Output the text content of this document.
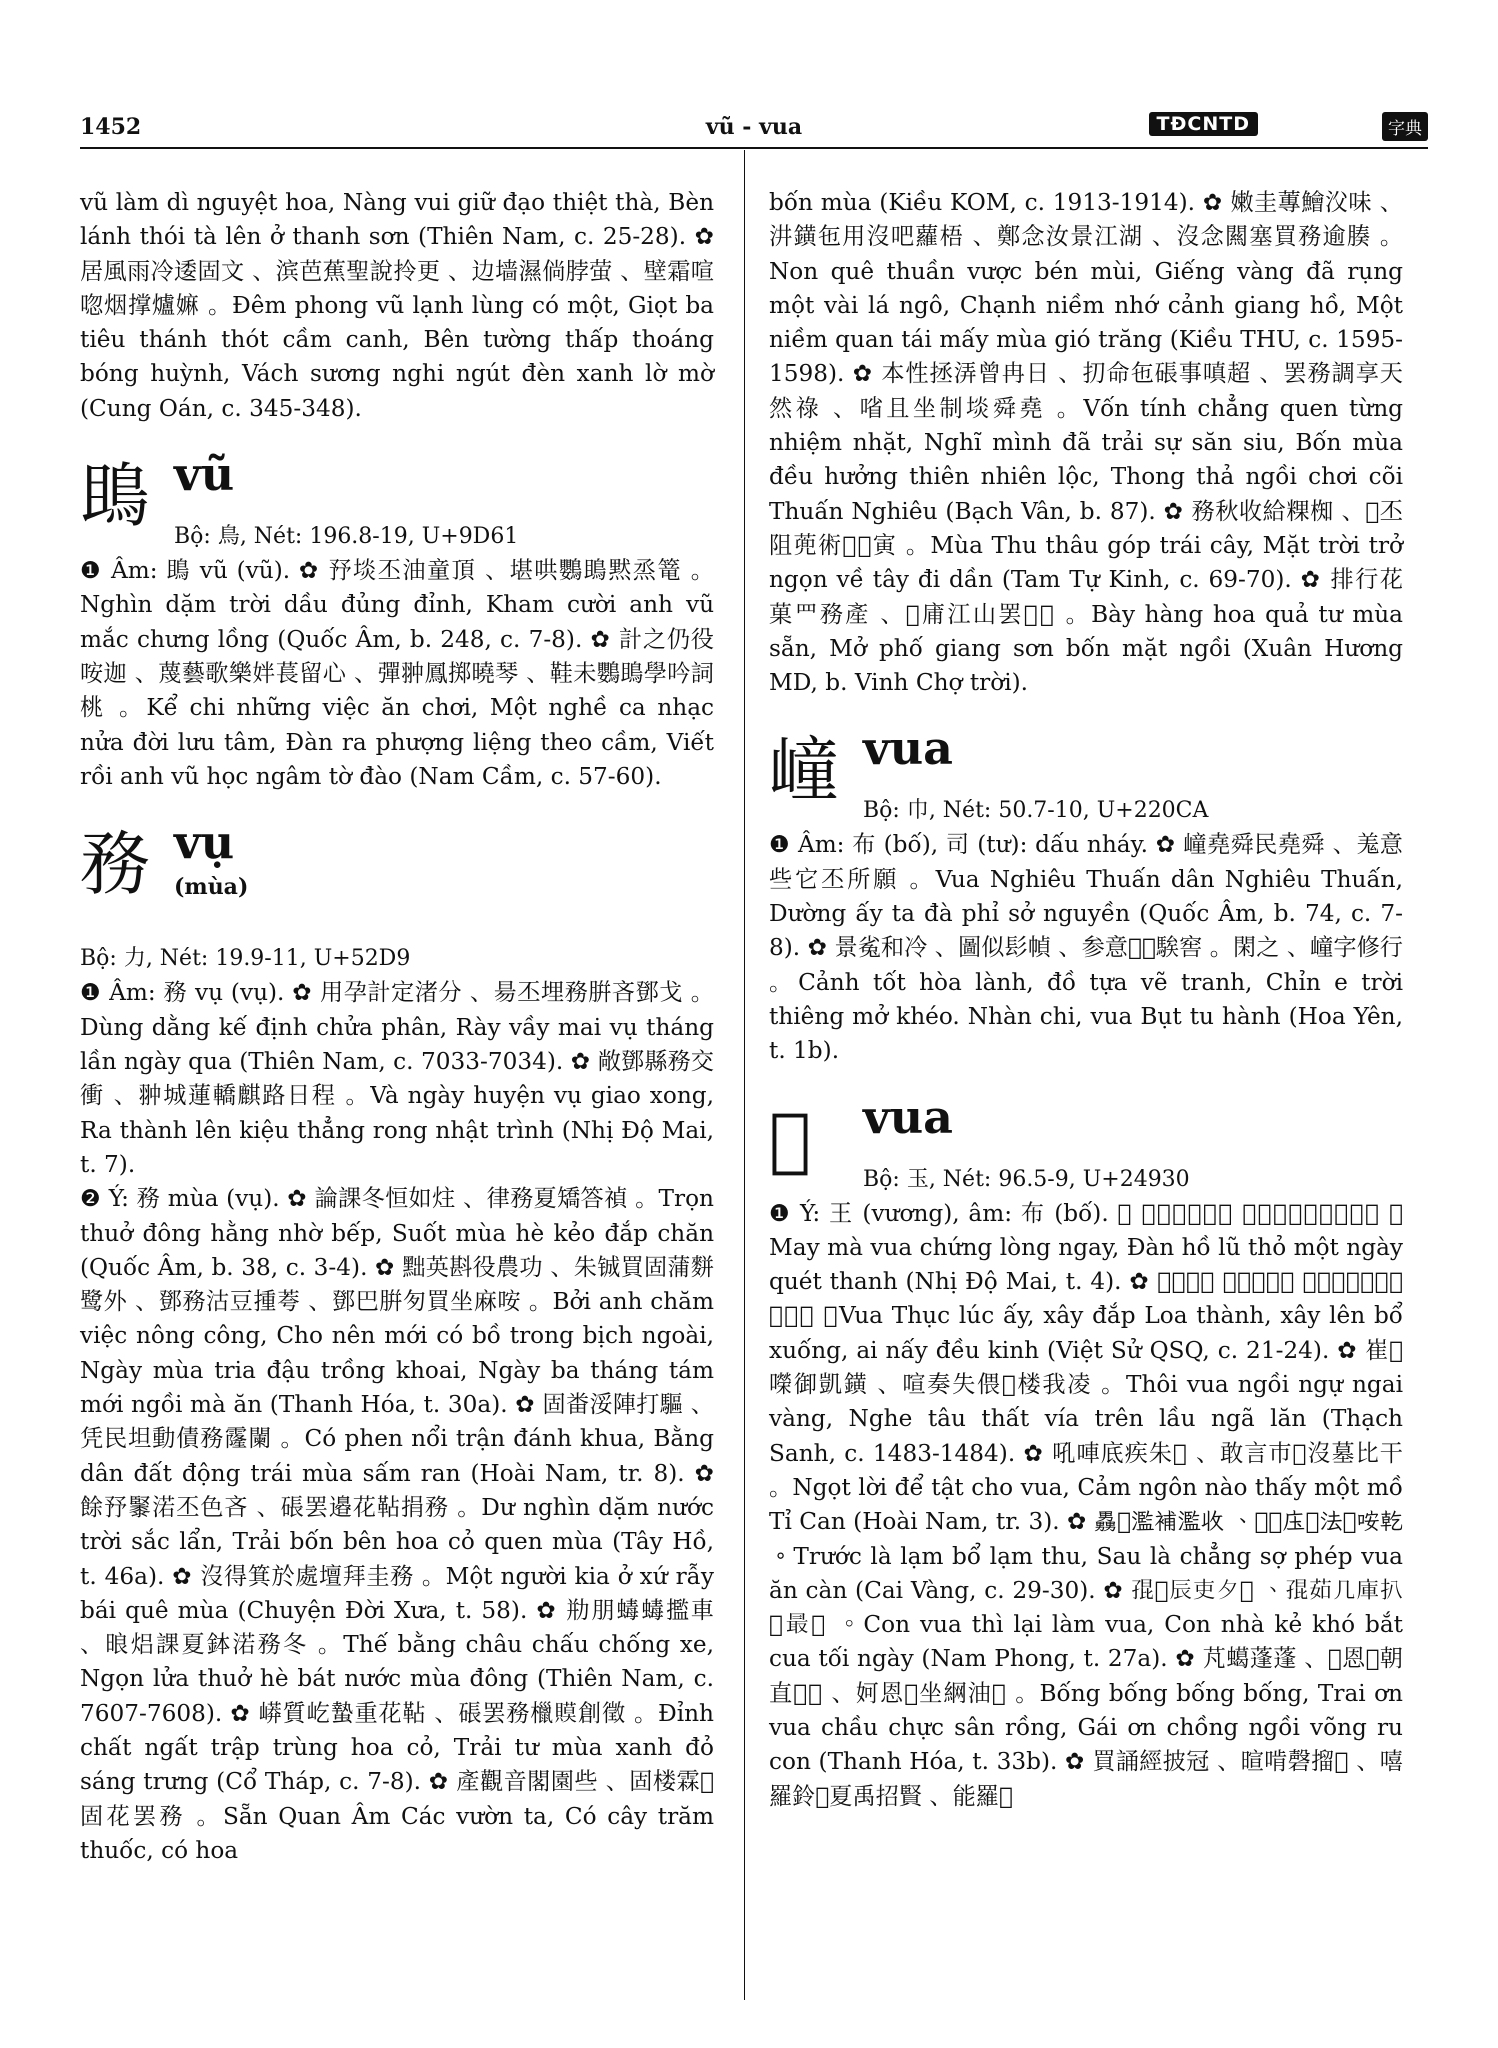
1452	vũ - vua	TĐCNTD	字典

vũ làm dì nguyệt hoa, Nàng vui giữ đạo thiệt thà, Bèn lánh thói tà lên ở thanh sơn (Thiên Nam, c. 25-28). ✿ 居風雨冷逶固文 、滨芭蕉聖說拎更 、边墙濕倘脖萤 、壁霜喧唿烟撑爐嫲 。Đêm phong vũ lạnh lùng có một, Giọt ba tiêu thánh thót cầm canh, Bên tường thấp thoáng bóng huỳnh, Vách sương nghi ngút đèn xanh lờ mờ (Cung Oán, c. 345-348).

鴡 vũ
Bộ: 鳥, Nét: 196.8-19, U+9D61

❶ Âm: 鴡 vũ (vũ). ✿ 㐨埮丕油童頂 、堪哄鸚鴡黙烝篭 。Nghìn dặm trời dầu đủng đỉnh, Kham cười anh vũ mắc chưng lồng (Quốc Âm, b. 248, c. 7-8). ✿ 計之仍役咹迦 、蔑藝歌樂姅萇留心 、彈翀鳳掷曉琴 、鞋未鸚鴡學吟詞桃 。Kể chi những việc ăn chơi, Một nghề ca nhạc nửa đời lưu tâm, Đàn ra phượng liệng theo cầm, Viết rồi anh vũ học ngâm tờ đào (Nam Cầm, c. 57-60).

務 vụ
(mùa)

Bộ: 力, Nét: 19.9-11, U+52D9

❶ Âm: 務 vụ (vụ). ✿ 用孕計定渚分 、昜丕埋務腁吝鄧戈 。Dùng dằng kế định chửa phân, Rày vầy mai vụ tháng lần ngày qua (Thiên Nam, c. 7033-7034). ✿ 敞鄧縣務交衝 、翀城蓮轎麒路日程 。Và ngày huyện vụ giao xong, Ra thành lên kiệu thẳng rong nhật trình (Nhị Độ Mai, t. 7).

❷ Ý: 務 mùa (vụ). ✿ 論課冬恒如炷 、律務夏矯答禎 。Trọn thuở đông hằng nhờ bếp, Suốt mùa hè kẻo đắp chăn (Quốc Âm, b. 38, c. 3-4). ✿ 黜英斟役農功 、朱铖買固蒲䴵鹭外 、鄧務沽豆揰荂 、鄧巴腁匇買坐麻咹 。Bởi anh chăm việc nông công, Cho nên mới có bồ trong bịch ngoài, Ngày mùa tria đậu trồng khoai, Ngày ba tháng tám mới ngồi mà ăn (Thanh Hóa, t. 30a). ✿ 固畨浽陣打驅 、凭民坦動債務霳闌 。Có phen nổi trận đánh khua, Bằng dân đất động trái mùa sấm ran (Hoài Nam, tr. 8). ✿ 餘㐨䵖渃丕色吝 、䂻罢邉花䩞捐務 。Dư nghìn dặm nước trời sắc lẩn, Trải bốn bên hoa cỏ quen mùa (Tây Hồ, t. 46a). ✿ 沒得箕於處壇拜圭務 。Một người kia ở xứ rẫy bái quê mùa (Chuyện Đời Xưa, t. 58). ✿ 㔙朋蝳蝳㩜車 、㫰焒課夏鉢渃務冬 。Thế bằng châu chấu chống xe, Ngọn lửa thuở hè bát nước mùa đông (Thiên Nam, c. 7607-7608). ✿ 㟿質屹蟄重花䩞 、䂻罢務㯿𧷸創徵 。Đỉnh chất ngất trập trùng hoa cỏ, Trải tư mùa xanh đỏ sáng trưng (Cổ Tháp, c. 7-8). ✿ 產觀音閣園些 、固楼霖𢄂固花罢務 。Sẵn Quan Âm Các vườn ta, Có cây trăm thuốc, có hoa

bốn mùa (Kiều KOM, c. 1913-1914). ✿ 嫩圭蓴鱠㳇味 、汫鐄㐌用沒吧蘿梧 、鄭念汝景江湖 、沒念闗塞買務逾腠 。Non quê thuần vược bén mùi, Giếng vàng đã rụng một vài lá ngô, Chạnh niềm nhớ cảnh giang hồ, Một niềm quan tái mấy mùa gió trăng (Kiều THU, c. 1595-1598). ✿ 本性拯㳥曾冉日 、㧅命㐌䂻事嗔超 、罢務調享天然祿 、㗂且坐制埮舜堯 。Vốn tính chẳng quen từng nhiệm nhặt, Nghĩ mình đã trải sự săn siu, Bốn mùa đều hưởng thiên nhiên lộc, Thong thả ngồi chơi cõi Thuấn Nghiêu (Bạch Vân, b. 87). ✿ 務秋收給粿椥 、𩈘丕阻蔸術𠓨𢻒寅 。Mùa Thu thâu góp trái cây, Mặt trời trở ngọn về tây đi dần (Tam Tự Kinh, c. 69-70). ✿ 排行花菓罒務產 、𢚸庯江山罢𥒥𢬦 。Bày hàng hoa quả tư mùa sẵn, Mở phố giang sơn bốn mặt ngồi (Xuân Hương MD, b. Vinh Chợ trời).

㠉 vua
Bộ: 巾, Nét: 50.7-10, U+220CA

❶ Âm: 布 (bố), 司 (tư): dấu nháy. ✿ 㠉堯舜民堯舜 、羗意些它丕所願 。Vua Nghiêu Thuấn dân Nghiêu Thuấn, Dường ấy ta đà phỉ sở nguyền (Quốc Âm, b. 74, c. 7-8). ✿ 景㝹和冷 、圖似髟幀 、参意𡗶𦕹騃窖 。閑之 、㠉字修行 。Cảnh tốt hòa lành, đồ tựa vẽ tranh, Chỉn e trời thiêng mở khéo. Nhàn chi, vua Bụt tu hành (Hoa Yên, t. 1b).

𤤰 vua
Bộ: 玉, Nét: 96.5-9, U+24930

❶ Ý: 王 (vương), âm: 布 (bố). ✿ 𥾽𢡂𤤰証悉𠰉 、弹狐屡兔没鄧抉清 。May mà vua chứng lòng ngay, Đàn hồ lũ thỏ một ngày quét thanh (Nhị Độ Mai, t. 4). ✿ 𤤰蜀旼意 、磋搭螺城 、磋蓮補𨖲、埃乃調驚 。Vua Thục lúc ấy, xây đắp Loa thành, xây lên bổ xuống, ai nấy đều kinh (Việt Sử QSQ, c. 21-24). ✿ 崔𤤰㘇御凱鐄 、喧奏失偎𨖲楼我凌 。Thôi vua ngồi ngự ngai vàng, Nghe tâu thất vía trên lầu ngã lăn (Thạch Sanh, c. 1483-1484). ✿ 吼唓底疾朱𤤰 、敢言巿𧡊沒墓比干 。Ngọt lời để tật cho vua, Cảm ngôn nào thấy một mồ Tỉ Can (Hoài Nam, tr. 3). ✿ 𪟧𠸨濫補濫收 、𪠞𠸨庒㤿法𤤰咹乾 。Trước là lạm bổ lạm thu, Sau là chẳng sợ phép vua ăn càn (Cai Vàng, c. 29-30). ✿ 𡥵𤤰辰吏夕𤤰 、𡥵茹几庫扒𩵽最𣈗 。Con vua thì lại làm vua, Con nhà kẻ khó bắt cua tối ngày (Nam Phong, t. 27a). ✿ 芃䗶蓬蓬 、𦛌恩𤤰朝直𤶔𧍉 、妸恩𩈘坐䋞油𡥵 。Bống bống bống bống, Trai ơn vua chầu chực sân rồng, Gái ơn chồng ngồi võng ru con (Thanh Hóa, t. 33b). ✿ 買誦經披冠 、暄啃磬㨨𨖲 、嘻羅鈴𤤰夏禹招賢 、能羅𢬣
